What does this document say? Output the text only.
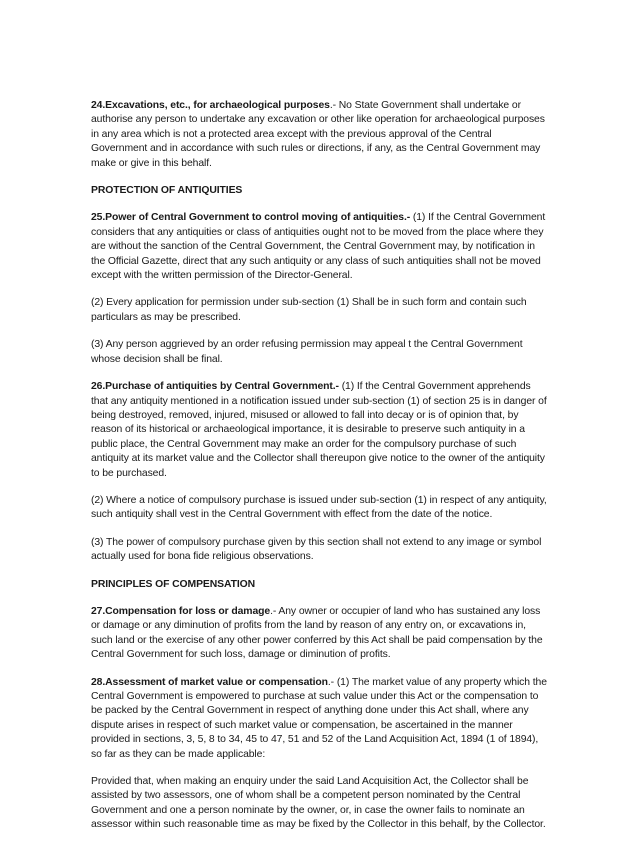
24.Excavations, etc., for archaeological purposes.- No State Government shall undertake or authorise any person to undertake any excavation or other like operation for archaeological purposes in any area which is not a protected area except with the previous approval of the Central Government and in accordance with such rules or directions, if any, as the Central Government may make or give in this behalf.

PROTECTION OF ANTIQUITIES

25.Power of Central Government to control moving of antiquities.- (1) If the Central Government considers that any antiquities or class of antiquities ought not to be moved from the place where they are without the sanction of the Central Government, the Central Government may, by notification in the Official Gazette, direct that any such antiquity or any class of such antiquities shall not be moved except with the written permission of the Director-General.

(2) Every application for permission under sub-section (1) Shall be in such form and contain such particulars as may be prescribed.

(3) Any person aggrieved by an order refusing permission may appeal t the Central Government whose decision shall be final.

26.Purchase of antiquities by Central Government.- (1) If the Central Government apprehends that any antiquity mentioned in a notification issued under sub-section (1) of section 25 is in danger of being destroyed, removed, injured, misused or allowed to fall into decay or is of opinion that, by reason of its historical or archaeological importance, it is desirable to preserve such antiquity in a public place, the Central Government may make an order for the compulsory purchase of such antiquity at its market value and the Collector shall thereupon give notice to the owner of the antiquity to be purchased.

(2) Where a notice of compulsory purchase is issued under sub-section (1) in respect of any antiquity, such antiquity shall vest in the Central Government with effect from the date of the notice.

(3) The power of compulsory purchase given by this section shall not extend to any image or symbol actually used for bona fide religious observations.

PRINCIPLES OF COMPENSATION

27.Compensation for loss or damage.- Any owner or occupier of land who has sustained any loss or damage or any diminution of profits from the land by reason of any entry on, or excavations in, such land or the exercise of any other power conferred by this Act shall be paid compensation by the Central Government for such loss, damage or diminution of profits.

28.Assessment of market value or compensation.- (1) The market value of any property which the Central Government is empowered to purchase at such value under this Act or the compensation to be packed by the Central Government in respect of anything done under this Act shall, where any dispute arises in respect of such market value or compensation, be ascertained in the manner provided in sections, 3, 5, 8 to 34, 45 to 47, 51 and 52 of the Land Acquisition Act, 1894 (1 of 1894), so far as they can be made applicable:

Provided that, when making an enquiry under the said Land Acquisition Act, the Collector shall be assisted by two assessors, one of whom shall be a competent person nominated by the Central Government and one a person nominate by the owner, or, in case the owner fails to nominate an assessor within such reasonable time as may be fixed by the Collector in this behalf, by the Collector.
